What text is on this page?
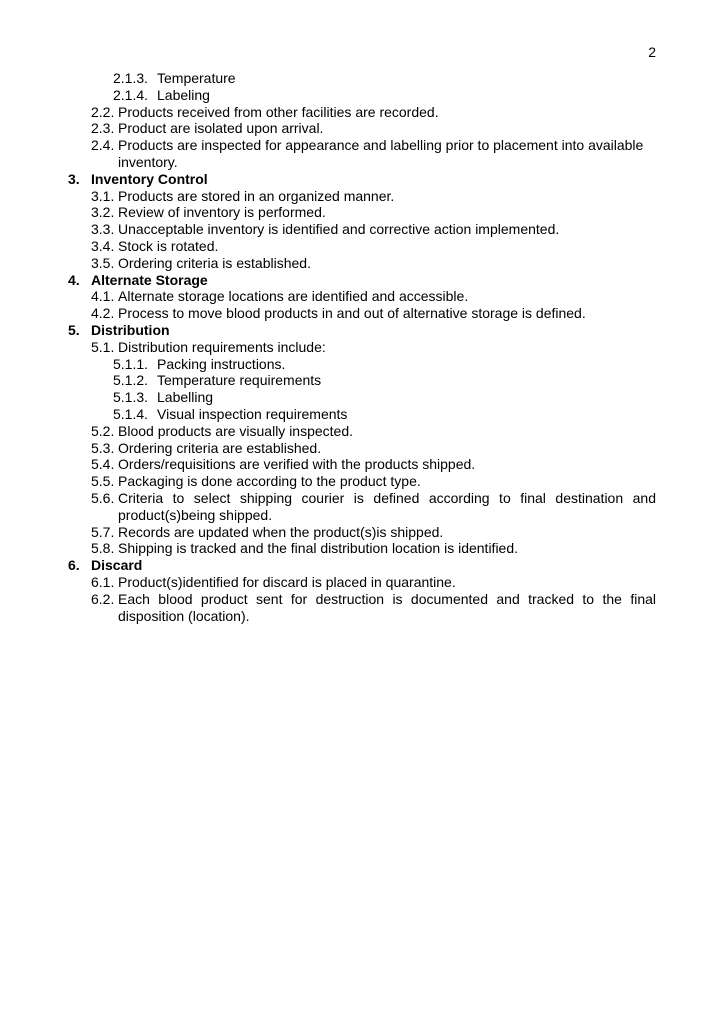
2
2.1.3. Temperature
2.1.4. Labeling
2.2. Products received from other facilities are recorded.
2.3. Product are isolated upon arrival.
2.4. Products are inspected for appearance and labelling prior to placement into available inventory.
3. Inventory Control
3.1. Products are stored in an organized manner.
3.2. Review of inventory is performed.
3.3. Unacceptable inventory is identified and corrective action implemented.
3.4. Stock is rotated.
3.5. Ordering criteria is established.
4. Alternate Storage
4.1. Alternate storage locations are identified and accessible.
4.2. Process to move blood products in and out of alternative storage is defined.
5. Distribution
5.1. Distribution requirements include:
5.1.1. Packing instructions.
5.1.2. Temperature requirements
5.1.3. Labelling
5.1.4. Visual inspection requirements
5.2. Blood products are visually inspected.
5.3. Ordering criteria are established.
5.4. Orders/requisitions are verified with the products shipped.
5.5. Packaging is done according to the product type.
5.6. Criteria to select shipping courier is defined according to final destination and product(s)being shipped.
5.7. Records are updated when the product(s)is shipped.
5.8. Shipping is tracked and the final distribution location is identified.
6. Discard
6.1. Product(s)identified for discard is placed in quarantine.
6.2. Each blood product sent for destruction is documented and tracked to the final disposition (location).
